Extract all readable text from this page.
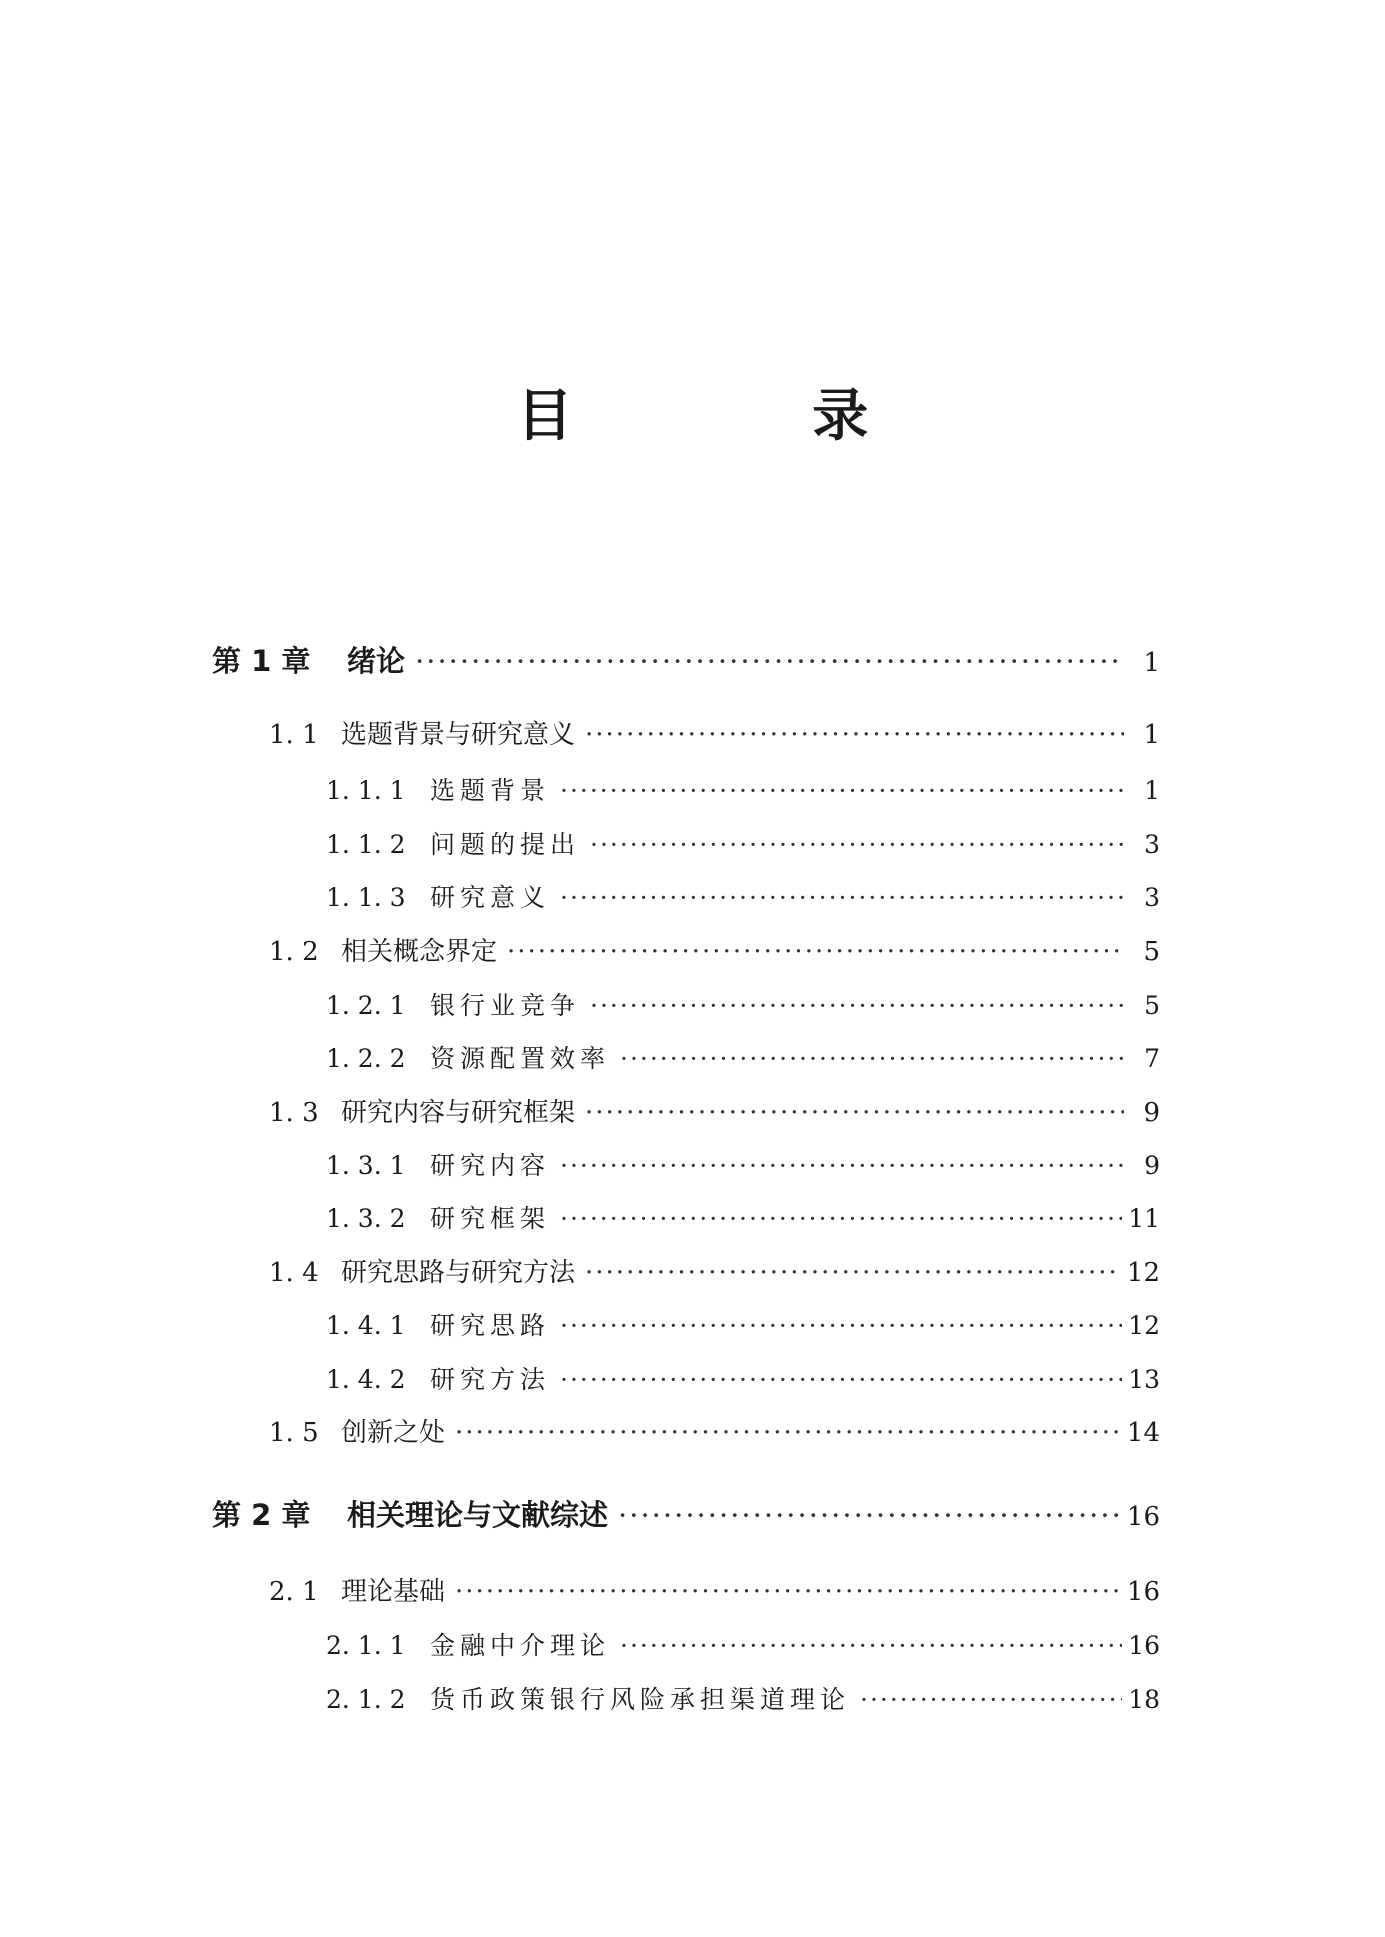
目 录
第 1 章	绪论 ·····	1
1. 1 选题背景与研究意义 ·····	1
1. 1. 1 选题背景 ·····	1
1. 1. 2 问题的提出 ·····	3
1. 1. 3 研究意义 ·····	3
1. 2 相关概念界定 ·····	5
1. 2. 1 银行业竞争 ·····	5
1. 2. 2 资源配置效率 ·····	7
1. 3 研究内容与研究框架 ·····	9
1. 3. 1 研究内容 ·····	9
1. 3. 2 研究框架 ·····	11
1. 4 研究思路与研究方法 ·····	12
1. 4. 1 研究思路 ·····	12
1. 4. 2 研究方法 ·····	13
1. 5 创新之处 ·····	14
第 2 章	相关理论与文献综述 ·····	16
2. 1 理论基础 ·····	16
2. 1. 1 金融中介理论 ·····	16
2. 1. 2 货币政策银行风险承担渠道理论 ·····	18
